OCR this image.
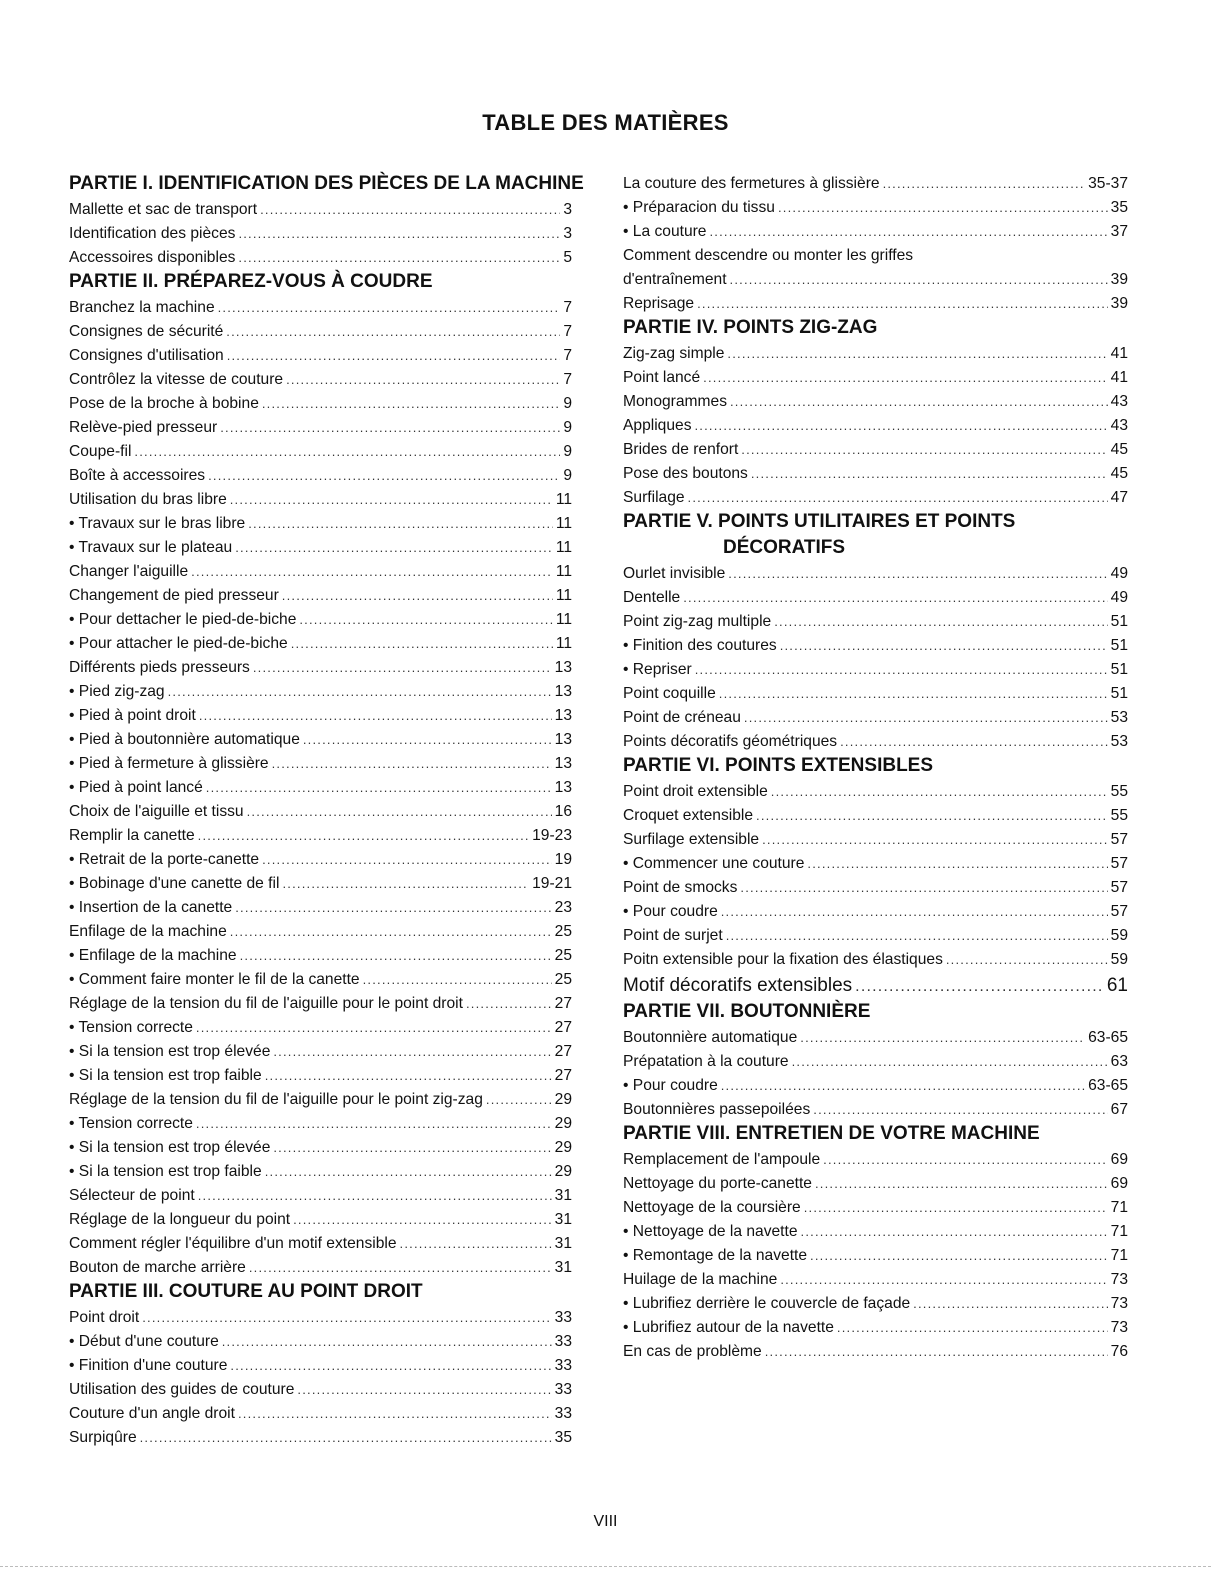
TABLE DES MATIÈRES
PARTIE I. IDENTIFICATION DES PIÈCES DE LA MACHINE
Mallette et sac de transport .....	3
Identification des pièces .....	3
Accessoires disponibles .....	5
PARTIE II. PRÉPAREZ-VOUS À COUDRE
Branchez la machine .....	7
Consignes de sécurité .....	7
Consignes d'utilisation .....	7
Contrôlez la vitesse de couture .....	7
Pose de la broche à bobine .....	9
Relève-pied presseur .....	9
Coupe-fil .....	9
Boîte à accessoires .....	9
Utilisation du bras libre .....	11
• Travaux sur le bras libre .....	11
• Travaux sur le plateau .....	11
Changer l'aiguille .....	11
Changement de pied presseur .....	11
• Pour dettacher le pied-de-biche .....	11
• Pour attacher le pied-de-biche .....	11
Différents pieds presseurs .....	13
• Pied zig-zag .....	13
• Pied à point droit .....	13
• Pied à boutonnière automatique .....	13
• Pied à fermeture à glissière .....	13
• Pied à point lancé .....	13
Choix de l'aiguille et tissu .....	16
Remplir la canette .....	19-23
• Retrait de la porte-canette .....	19
• Bobinage d'une canette de fil .....	19-21
• Insertion de la canette .....	23
Enfilage de la machine .....	25
• Enfilage de la machine .....	25
• Comment faire monter le fil de la canette .....	25
Réglage de la tension du fil de l'aiguille pour le point droit .....	27
• Tension correcte .....	27
• Si la tension est trop élevée .....	27
• Si la tension est trop faible .....	27
Réglage de la tension du fil de l'aiguille pour le point zig-zag .....	29
• Tension correcte .....	29
• Si la tension est trop élevée .....	29
• Si la tension est trop faible .....	29
Sélecteur de point .....	31
Réglage de la longueur du point .....	31
Comment régler l'équilibre d'un motif extensible .....	31
Bouton de marche arrière .....	31
PARTIE III. COUTURE AU POINT DROIT
Point droit .....	33
• Début d'une couture .....	33
• Finition d'une couture .....	33
Utilisation des guides de couture .....	33
Couture d'un angle droit .....	33
Surpiqûre .....	35
La couture des fermetures à glissière .....	35-37
• Préparacion du tissu .....	35
• La couture .....	37
Comment descendre ou monter les griffes
d'entraînement .....	39
Reprisage .....	39
PARTIE IV. POINTS ZIG-ZAG
Zig-zag simple .....	41
Point lancé .....	41
Monogrammes .....	43
Appliques .....	43
Brides de renfort .....	45
Pose des boutons .....	45
Surfilage .....	47
PARTIE V. POINTS UTILITAIRES ET POINTS
DÉCORATIFS
Ourlet invisible .....	49
Dentelle .....	49
Point zig-zag multiple .....	51
• Finition des coutures .....	51
• Repriser .....	51
Point coquille .....	51
Point de créneau .....	53
Points décoratifs géométriques .....	53
PARTIE VI. POINTS EXTENSIBLES
Point droit extensible .....	55
Croquet extensible .....	55
Surfilage extensible .....	57
• Commencer une couture .....	57
Point de smocks .....	57
• Pour coudre .....	57
Point de surjet .....	59
Poitn extensible pour la fixation des élastiques .....	59
Motif décoratifs extensibles .....	61
PARTIE VII. BOUTONNIÈRE
Boutonnière automatique .....	63-65
Prépatation à la couture .....	63
• Pour coudre .....	63-65
Boutonnières passepoilées .....	67
PARTIE VIII. ENTRETIEN DE VOTRE MACHINE
Remplacement de l'ampoule .....	69
Nettoyage du porte-canette .....	69
Nettoyage de la coursière .....	71
• Nettoyage de la navette .....	71
• Remontage de la navette .....	71
Huilage de la machine .....	73
• Lubrifiez derrière le couvercle de façade .....	73
• Lubrifiez autour de la navette .....	73
En cas de problème .....	76
VIII
